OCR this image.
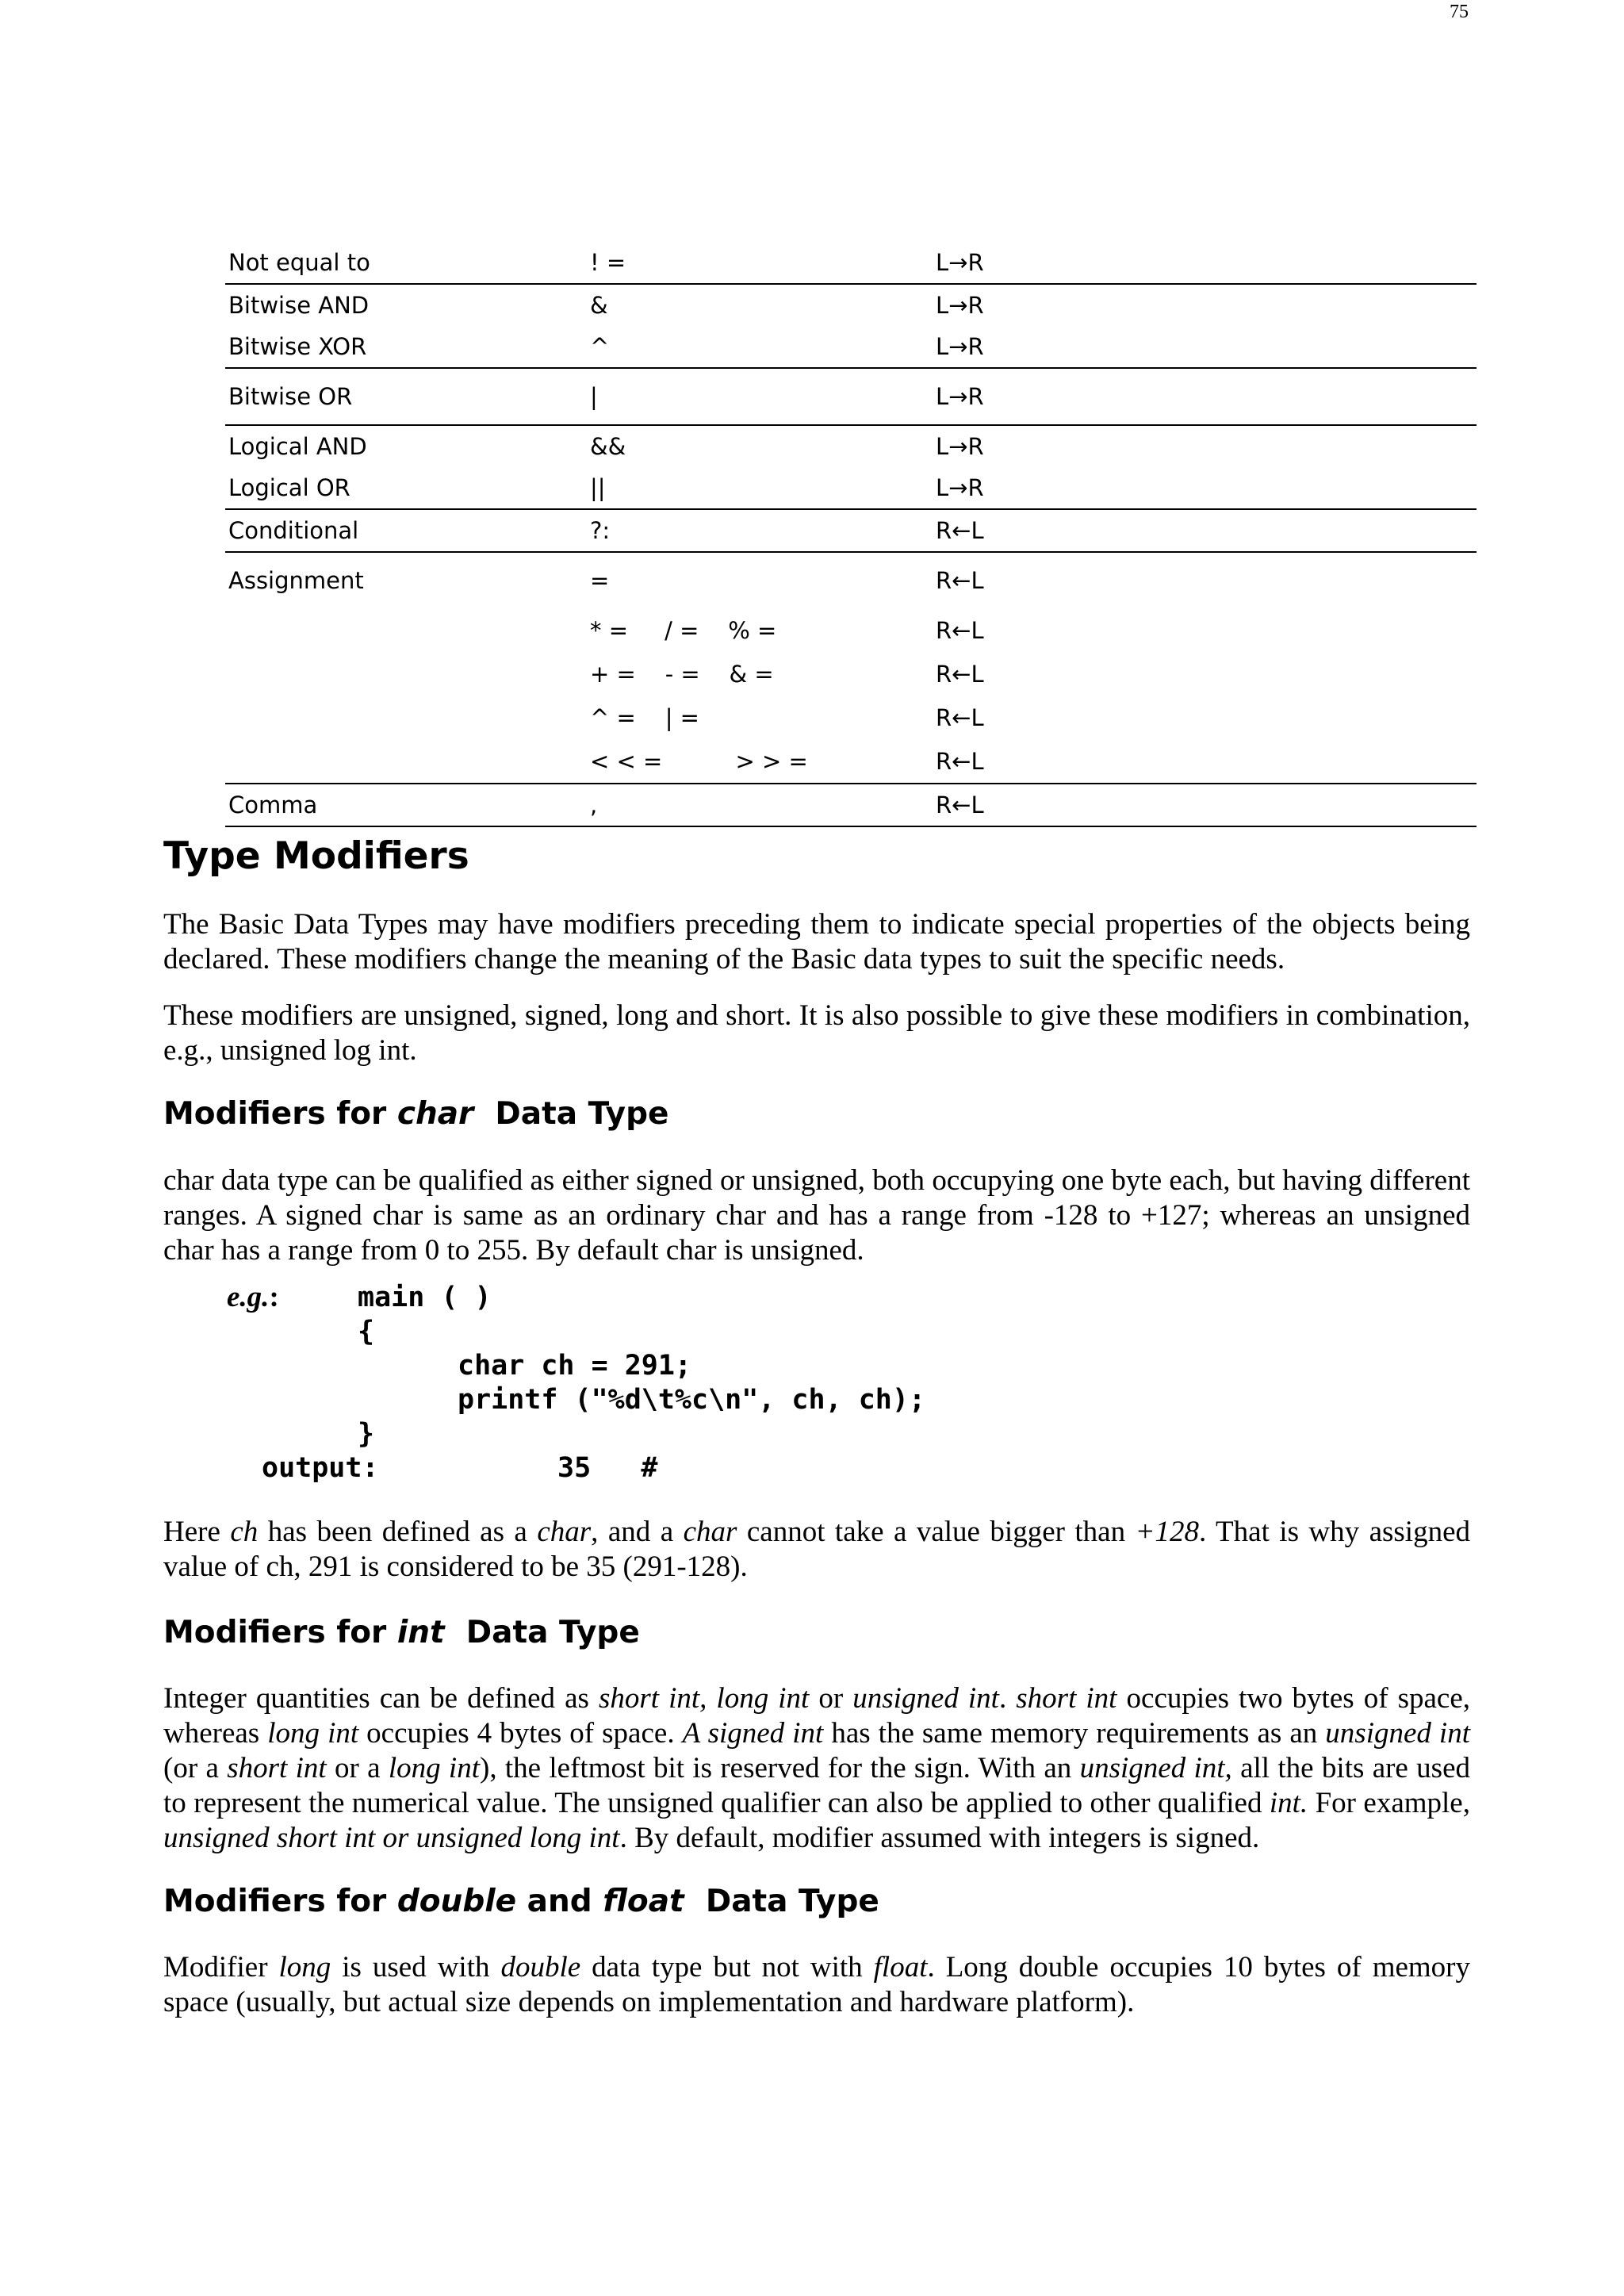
75
Not equal to	! =	L→R
Bitwise AND	&	L→R
Bitwise XOR	^	L→R
Bitwise OR	|	L→R
Logical AND	&&	L→R
Logical OR	||	L→R
Conditional	?:	R←L
Assignment	=	R←L
	* =     / =    % =	R←L
	+ =    - =    & =	R←L
	^ =    | =	R←L
	< < =          > > =	R←L
Comma	,	R←L
Type Modifiers

The Basic Data Types may have modifiers preceding them to indicate special properties of the objects being declared. These modifiers change the meaning of the Basic data types to suit the specific needs.

These modifiers are unsigned, signed, long and short. It is also possible to give these modifiers in combination, e.g., unsigned log int.

Modifiers for char  Data Type

char data type can be qualified as either signed or unsigned, both occupying one byte each, but having different ranges. A signed char is same as an ordinary char and has a range from -128 to +127; whereas an unsigned char has a range from 0 to 255. By default char is unsigned.

e.g.:	main ( )
{
char ch = 291;
printf ("%d\t%c\n", ch, ch);
}
output:	35   #

Here ch has been defined as a char, and a char cannot take a value bigger than +128. That is why assigned value of ch, 291 is considered to be 35 (291-128).

Modifiers for int  Data Type

Integer quantities can be defined as short int, long int or unsigned int. short int occupies two bytes of space, whereas long int occupies 4 bytes of space. A signed int has the same memory requirements as an unsigned int (or a short int or a long int), the leftmost bit is reserved for the sign. With an unsigned int, all the bits are used to represent the numerical value. The unsigned qualifier can also be applied to other qualified int. For example, unsigned short int or unsigned long int. By default, modifier assumed with integers is signed.

Modifiers for double and float  Data Type

Modifier long is used with double data type but not with float. Long double occupies 10 bytes of memory space (usually, but actual size depends on implementation and hardware platform).
